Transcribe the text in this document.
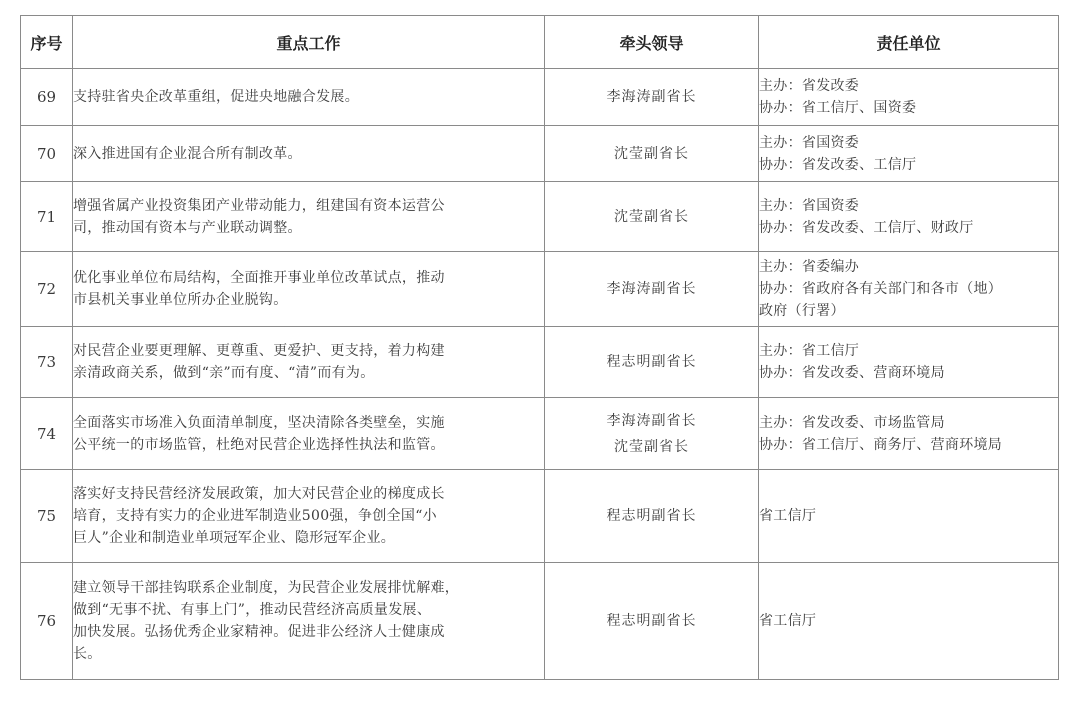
序号	重点工作	牵头领导	责任单位
69	支持驻省央企改革重组，促进央地融合发展。	李海涛副省长	主办：省发改委
协办：省工信厅、国资委

70	深入推进国有企业混合所有制改革。	沈莹副省长	主办：省国资委
协办：省发改委、工信厅

71	增强省属产业投资集团产业带动能力，组建国有资本运营公
司，推动国有资本与产业联动调整。	沈莹副省长	主办：省国资委
协办：省发改委、工信厅、财政厅

72	优化事业单位布局结构，全面推开事业单位改革试点，推动
市县机关事业单位所办企业脱钩。	李海涛副省长	主办：省委编办
协办：省政府各有关部门和各市（地）
政府（行署）

73	对民营企业要更理解、更尊重、更爱护、更支持，着力构建
亲清政商关系，做到“亲”而有度、“清”而有为。	程志明副省长	主办：省工信厅
协办：省发改委、营商环境局

74	全面落实市场准入负面清单制度，坚决清除各类壁垒，实施
公平统一的市场监管，杜绝对民营企业选择性执法和监管。	李海涛副省长
沈莹副省长	主办：省发改委、市场监管局
协办：省工信厅、商务厅、营商环境局

75	落实好支持民营经济发展政策，加大对民营企业的梯度成长
培育，支持有实力的企业进军制造业500强，争创全国“小
巨人”企业和制造业单项冠军企业、隐形冠军企业。	程志明副省长	省工信厅

76	建立领导干部挂钩联系企业制度，为民营企业发展排忧解难，
做到“无事不扰、有事上门”，推动民营经济高质量发展、
加快发展。弘扬优秀企业家精神。促进非公经济人士健康成
长。	程志明副省长	省工信厅
